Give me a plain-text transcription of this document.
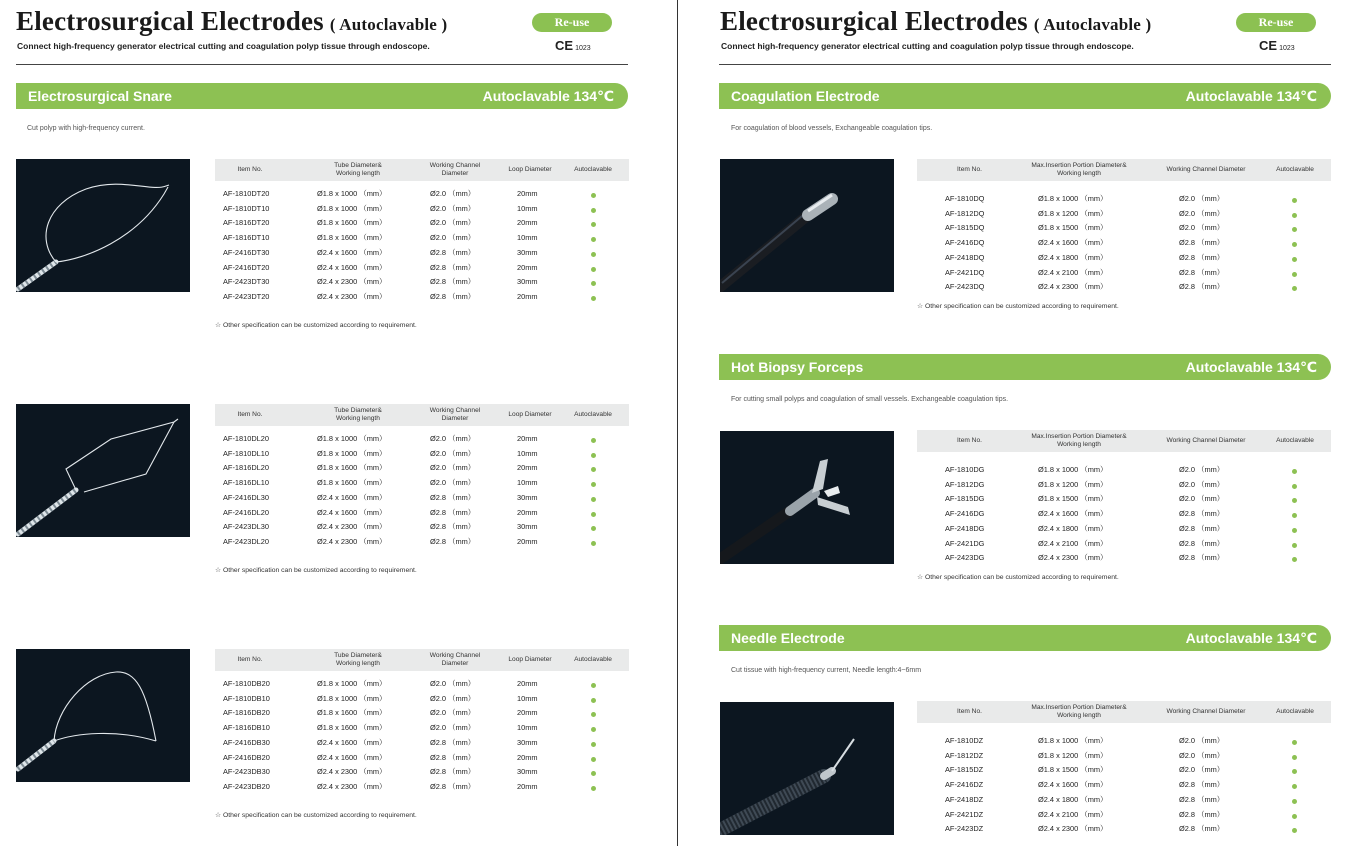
Electrosurgical Electrodes ( Autoclavable )	Re-use
CE 1023
Connect high-frequency generator electrical cutting and coagulation polyp tissue through endoscope.
Electrosurgical Snare	Autoclavable 134℃
Cut polyp with high-frequency current.
Item No.
Tube Diameter&
Working length
Working Channel
Diameter
Loop Diameter	Autoclavable
AF-1810DT20	Ø1.8 x 1000 （mm）	Ø2.0 （mm）	20mm
AF-1810DT10	Ø1.8 x 1000 （mm）	Ø2.0 （mm）	10mm
AF-1816DT20	Ø1.8 x 1600 （mm）	Ø2.0 （mm）	20mm
AF-1816DT10	Ø1.8 x 1600 （mm）	Ø2.0 （mm）	10mm
AF-2416DT30	Ø2.4 x 1600 （mm）	Ø2.8 （mm）	30mm
AF-2416DT20	Ø2.4 x 1600 （mm）	Ø2.8 （mm）	20mm
AF-2423DT30	Ø2.4 x 2300 （mm）	Ø2.8 （mm）	30mm
AF-2423DT20	Ø2.4 x 2300 （mm）	Ø2.8 （mm）	20mm
☆ Other specification can be customized according to requirement.
Item No.
Tube Diameter&
Working length
Working Channel
Diameter
Loop Diameter	Autoclavable
AF-1810DL20	Ø1.8 x 1000 （mm）	Ø2.0 （mm）	20mm
AF-1810DL10	Ø1.8 x 1000 （mm）	Ø2.0 （mm）	10mm
AF-1816DL20	Ø1.8 x 1600 （mm）	Ø2.0 （mm）	20mm
AF-1816DL10	Ø1.8 x 1600 （mm）	Ø2.0 （mm）	10mm
AF-2416DL30	Ø2.4 x 1600 （mm）	Ø2.8 （mm）	30mm
AF-2416DL20	Ø2.4 x 1600 （mm）	Ø2.8 （mm）	20mm
AF-2423DL30	Ø2.4 x 2300 （mm）	Ø2.8 （mm）	30mm
AF-2423DL20	Ø2.4 x 2300 （mm）	Ø2.8 （mm）	20mm
☆ Other specification can be customized according to requirement.
Item No.
Tube Diameter&
Working length
Working Channel
Diameter
Loop Diameter	Autoclavable
AF-1810DB20	Ø1.8 x 1000 （mm）	Ø2.0 （mm）	20mm
AF-1810DB10	Ø1.8 x 1000 （mm）	Ø2.0 （mm）	10mm
AF-1816DB20	Ø1.8 x 1600 （mm）	Ø2.0 （mm）	20mm
AF-1816DB10	Ø1.8 x 1600 （mm）	Ø2.0 （mm）	10mm
AF-2416DB30	Ø2.4 x 1600 （mm）	Ø2.8 （mm）	30mm
AF-2416DB20	Ø2.4 x 1600 （mm）	Ø2.8 （mm）	20mm
AF-2423DB30	Ø2.4 x 2300 （mm）	Ø2.8 （mm）	30mm
AF-2423DB20	Ø2.4 x 2300 （mm）	Ø2.8 （mm）	20mm
☆ Other specification can be customized according to requirement.
Electrosurgical Electrodes ( Autoclavable )	Re-use
CE 1023
Connect high-frequency generator electrical cutting and coagulation polyp tissue through endoscope.
Coagulation Electrode	Autoclavable 134℃
For coagulation of blood vessels, Exchangeable coagulation tips.
Item No.
Max.Insertion Portion Diameter&
Working length
Working Channel Diameter	Autoclavable
AF-1810DQ	Ø1.8 x 1000 （mm）	Ø2.0 （mm）
AF-1812DQ	Ø1.8 x 1200 （mm）	Ø2.0 （mm）
AF-1815DQ	Ø1.8 x 1500 （mm）	Ø2.0 （mm）
AF-2416DQ	Ø2.4 x 1600 （mm）	Ø2.8 （mm）
AF-2418DQ	Ø2.4 x 1800 （mm）	Ø2.8 （mm）
AF-2421DQ	Ø2.4 x 2100 （mm）	Ø2.8 （mm）
AF-2423DQ	Ø2.4 x 2300 （mm）	Ø2.8 （mm）
☆ Other specification can be customized according to requirement.
Hot Biopsy Forceps	Autoclavable 134℃
For cutting small polyps and coagulation of small vessels. Exchangeable coagulation tips.
Item No.
Max.Insertion Portion Diameter&
Working length
Working Channel Diameter	Autoclavable
AF-1810DG	Ø1.8 x 1000 （mm）	Ø2.0 （mm）
AF-1812DG	Ø1.8 x 1200 （mm）	Ø2.0 （mm）
AF-1815DG	Ø1.8 x 1500 （mm）	Ø2.0 （mm）
AF-2416DG	Ø2.4 x 1600 （mm）	Ø2.8 （mm）
AF-2418DG	Ø2.4 x 1800 （mm）	Ø2.8 （mm）
AF-2421DG	Ø2.4 x 2100 （mm）	Ø2.8 （mm）
AF-2423DG	Ø2.4 x 2300 （mm）	Ø2.8 （mm）
☆ Other specification can be customized according to requirement.
Needle Electrode	Autoclavable 134℃
Cut tissue with high-frequency current, Needle length:4~6mm
Item No.
Max.Insertion Portion Diameter&
Working length
Working Channel Diameter	Autoclavable
AF-1810DZ	Ø1.8 x 1000 （mm）	Ø2.0 （mm）
AF-1812DZ	Ø1.8 x 1200 （mm）	Ø2.0 （mm）
AF-1815DZ	Ø1.8 x 1500 （mm）	Ø2.0 （mm）
AF-2416DZ	Ø2.4 x 1600 （mm）	Ø2.8 （mm）
AF-2418DZ	Ø2.4 x 1800 （mm）	Ø2.8 （mm）
AF-2421DZ	Ø2.4 x 2100 （mm）	Ø2.8 （mm）
AF-2423DZ	Ø2.4 x 2300 （mm）	Ø2.8 （mm）
